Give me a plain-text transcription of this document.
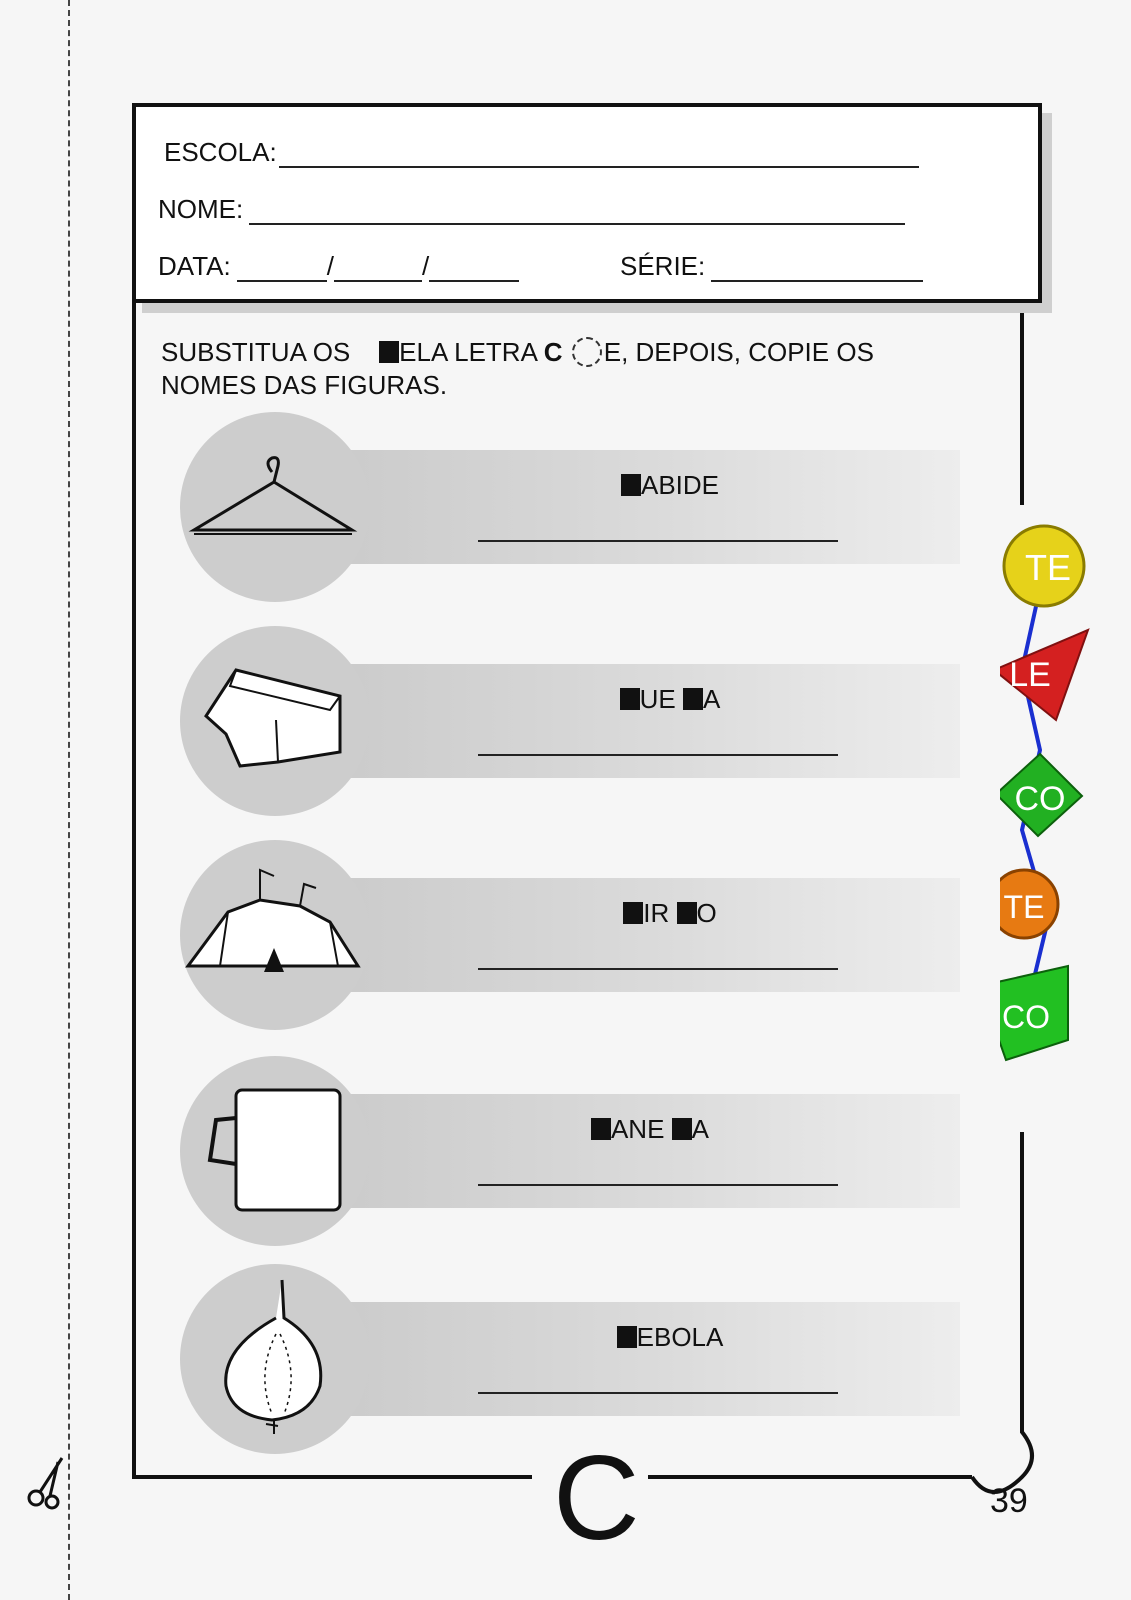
ESCOLA:
NOME:
DATA:	/	/	SÉRIE:
SUBSTITUA OS ELA LETRA C E, DEPOIS, COPIE OS
NOMES DAS FIGURAS.
ABIDE
UE A
IR O
ANE A
EBOLA
TE
LE
CO
TE
CO
C	39
